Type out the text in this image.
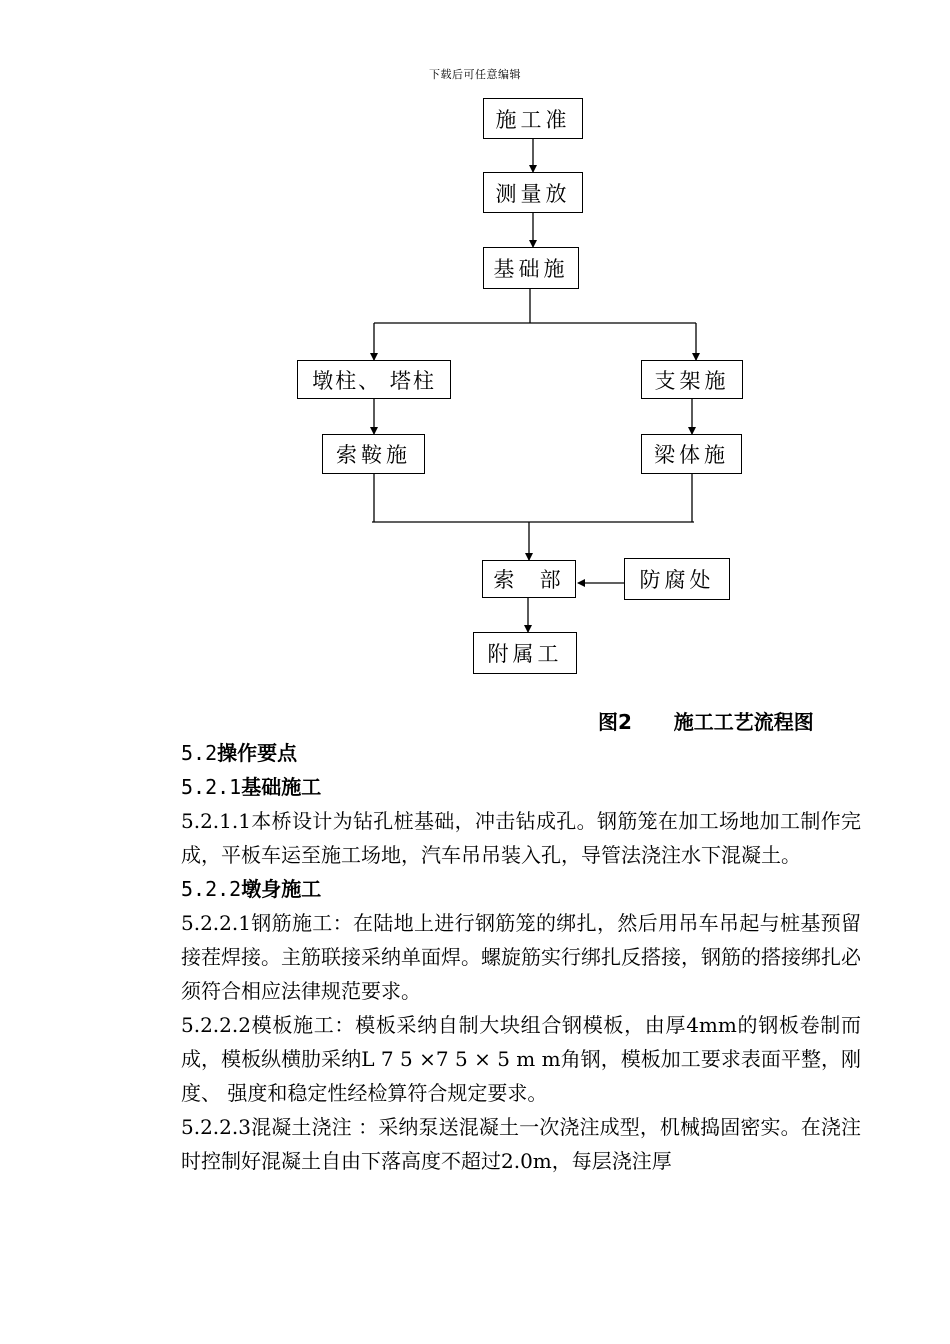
下载后可任意编辑
施工准
测量放
基础施
墩柱、 塔柱	支架施
索鞍施	梁体施
索  部	防腐处
附属工
图2      施工工艺流程图
5.2操作要点
5.2.1基础施工
5.2.1.1本桥设计为钻孔桩基础，冲击钻成孔。钢筋笼在加工场地加工制作完成，平板车运至施工场地，汽车吊吊装入孔，导管法浇注水下混凝土。
5.2.2墩身施工
5.2.2.1钢筋施工：在陆地上进行钢筋笼的绑扎，然后用吊车吊起与桩基预留接茬焊接。主筋联接采纳单面焊。螺旋筋实行绑扎反搭接，钢筋的搭接绑扎必须符合相应法律规范要求。
5.2.2.2模板施工：模板采纳自制大块组合钢模板，由厚4mm的钢板卷制而成，模板纵横肋采纳L 7 5 ×7 5 × 5 m m角钢，模板加工要求表面平整，刚度、 强度和稳定性经检算符合规定要求。
5.2.2.3混凝土浇注 ：采纳泵送混凝土一次浇注成型，机械捣固密实。在浇注时控制好混凝土自由下落高度不超过2.0m，每层浇注厚
